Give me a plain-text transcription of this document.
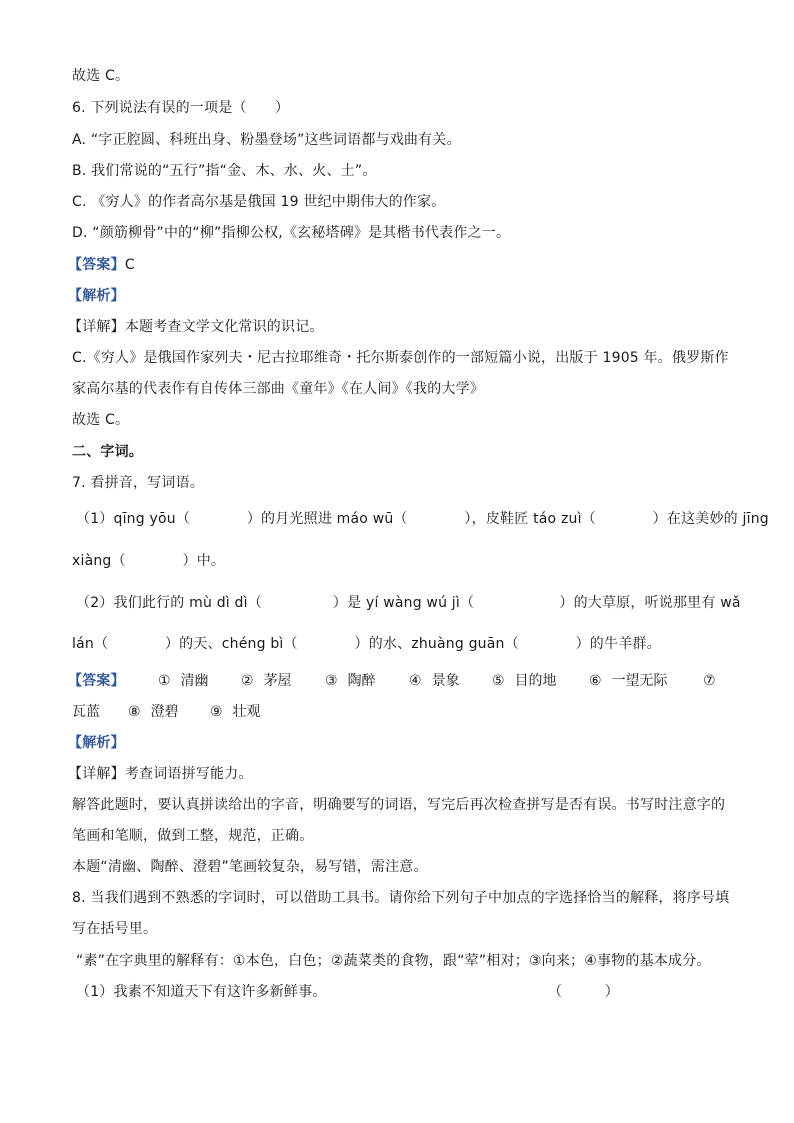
故选 C。
6. 下列说法有误的一项是（　　）
A. “字正腔圆、科班出身、粉墨登场”这些词语都与戏曲有关。
B. 我们常说的“五行”指“金、木、水、火、土”。
C. 《穷人》的作者高尔基是俄国 19 世纪中期伟大的作家。
D. “颜筋柳骨”中的“柳”指柳公权,《玄秘塔碑》是其楷书代表作之一。
【答案】C
【解析】
【详解】本题考查文学文化常识的识记。
C.《穷人》是俄国作家列夫・尼古拉耶维奇・托尔斯泰创作的一部短篇小说，出版于 1905 年。俄罗斯作
家高尔基的代表作有自传体三部曲《童年》《在人间》《我的大学》
故选 C。
二、字词。
7. 看拼音，写词语。
（1）qīng yōu（　　　　）的月光照进 máo wū（　　　　），皮鞋匠 táo zuì（　　　　）在这美妙的 jīng
xiàng（　　　　）中。
（2）我们此行的 mù dì dì（　　　　　）是 yí wàng wú jì（　　　　　　）的大草原，听说那里有 wǎ
lán（　　　　）的天、chéng bì（　　　　）的水、zhuàng guān（　　　　）的牛羊群。
【答案】 ① 清幽 ② 茅屋 ③ 陶醉 ④ 景象 ⑤ 目的地 ⑥ 一望无际	⑦
瓦蓝 ⑧ 澄碧 ⑨ 壮观
【解析】
【详解】考查词语拼写能力。
解答此题时，要认真拼读给出的字音，明确要写的词语，写完后再次检查拼写是否有误。书写时注意字的
笔画和笔顺，做到工整，规范，正确。
本题“清幽、陶醉、澄碧”笔画较复杂，易写错，需注意。
8. 当我们遇到不熟悉的字词时，可以借助工具书。请你给下列句子中加点的字选择恰当的解释，将序号填
写在括号里。
“素”在字典里的解释有：①本色，白色；②蔬菜类的食物，跟“荤”相对；③向来；④事物的基本成分。
（1）我素不知道天下有这许多新鲜事。	（　　　）
